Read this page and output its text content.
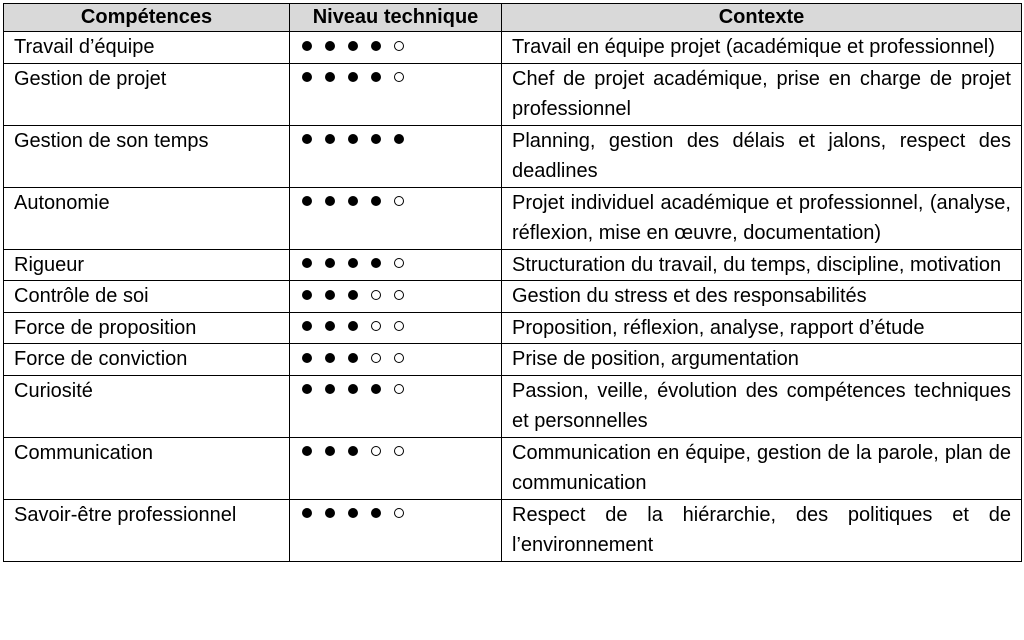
Compétences	Niveau technique	Contexte
Travail d’équipe		Travail en équipe projet (académique et professionnel)
Gestion de projet		Chef de projet académique, prise en charge de projet professionnel
Gestion de son temps		Planning, gestion des délais et jalons, respect des deadlines
Autonomie		Projet individuel académique et professionnel, (analyse, réflexion, mise en œuvre, documentation)
Rigueur		Structuration du travail, du temps, discipline, motivation
Contrôle de soi		Gestion du stress et des responsabilités
Force de proposition		Proposition, réflexion, analyse, rapport d’étude
Force de conviction		Prise de position, argumentation
Curiosité		Passion, veille, évolution des compétences techniques et personnelles
Communication		Communication en équipe, gestion de la parole, plan de communication
Savoir-être professionnel		Respect de la hiérarchie, des politiques et de l’environnement
